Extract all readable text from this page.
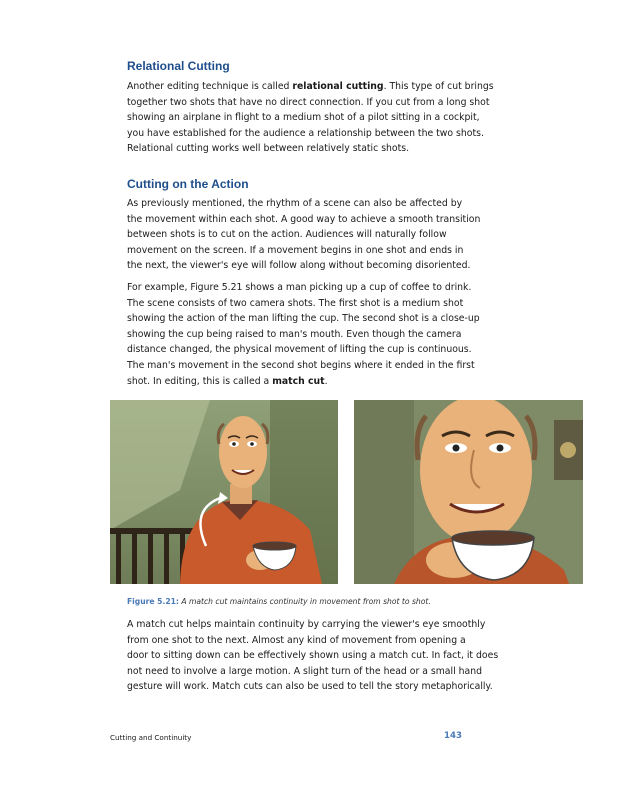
Relational Cutting

Another editing technique is called relational cutting. This type of cut brings
together two shots that have no direct connection. If you cut from a long shot
showing an airplane in flight to a medium shot of a pilot sitting in a cockpit,
you have established for the audience a relationship between the two shots.
Relational cutting works well between relatively static shots.

Cutting on the Action

As previously mentioned, the rhythm of a scene can also be affected by
the movement within each shot. A good way to achieve a smooth transition
between shots is to cut on the action. Audiences will naturally follow
movement on the screen. If a movement begins in one shot and ends in
the next, the viewer's eye will follow along without becoming disoriented.

For example, Figure 5.21 shows a man picking up a cup of coffee to drink.
The scene consists of two camera shots. The first shot is a medium shot
showing the action of the man lifting the cup. The second shot is a close-up
showing the cup being raised to man's mouth. Even though the camera
distance changed, the physical movement of lifting the cup is continuous.
The man's movement in the second shot begins where it ended in the first
shot. In editing, this is called a match cut.

Figure 5.21: A match cut maintains continuity in movement from shot to shot.

A match cut helps maintain continuity by carrying the viewer's eye smoothly
from one shot to the next. Almost any kind of movement from opening a
door to sitting down can be effectively shown using a match cut. In fact, it does
not need to involve a large motion. A slight turn of the head or a small hand
gesture will work. Match cuts can also be used to tell the story metaphorically.

Cutting and Continuity	143
